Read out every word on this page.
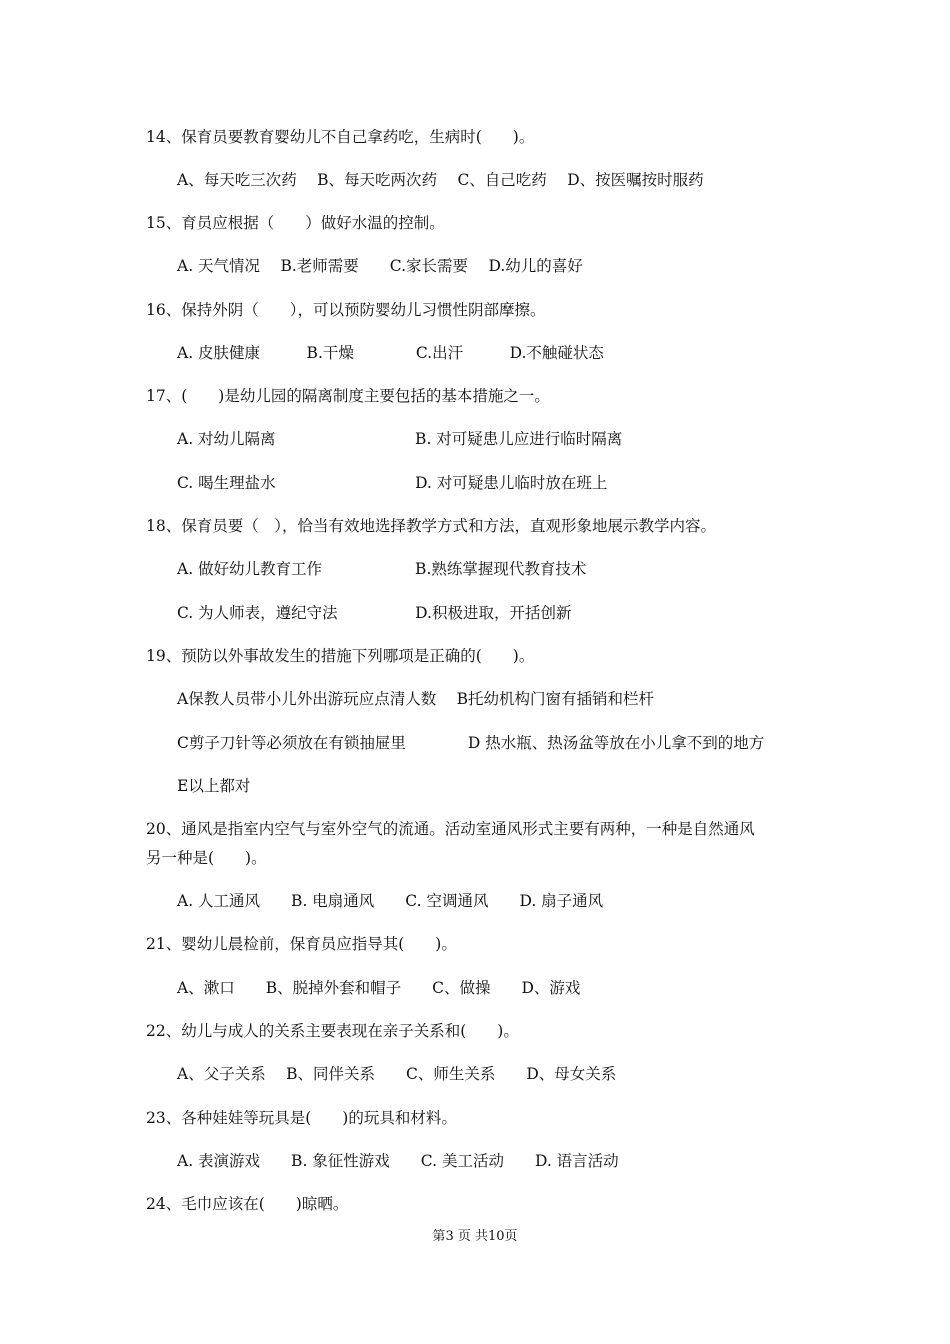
14、保育员要教育婴幼儿不自己拿药吃，生病时(　　)。
A、每天吃三次药　 B、每天吃两次药　 C、自己吃药　 D、按医嘱按时服药
15、育员应根据（　　）做好水温的控制。
A. 天气情况　 B.老师需要　　C.家长需要　 D.幼儿的喜好
16、保持外阴（　　），可以预防婴幼儿习惯性阴部摩擦。
A. 皮肤健康　　　B.干燥　　　　C.出汗　　　D.不触碰状态
17、(　　)是幼儿园的隔离制度主要包括的基本措施之一。
A. 对幼儿隔离　　　　　　　　　B. 对可疑患儿应进行临时隔离
C. 喝生理盐水　　　　　　　　　D. 对可疑患儿临时放在班上
18、保育员要（　），恰当有效地选择教学方式和方法，直观形象地展示教学内容。
A. 做好幼儿教育工作　　　　　　B.熟练掌握现代教育技术
C. 为人师表，遵纪守法　　　　　D.积极进取，开括创新
19、预防以外事故发生的措施下列哪项是正确的(　　)。
A保教人员带小儿外出游玩应点清人数　 B托幼机构门窗有插销和栏杆
C剪子刀针等必须放在有锁抽屉里　　　　D 热水瓶、热汤盆等放在小儿拿不到的地方
E以上都对
20、通风是指室内空气与室外空气的流通。活动室通风形式主要有两种，一种是自然通风
另一种是(　　)。
A. 人工通风　　B. 电扇通风　　C. 空调通风　　D. 扇子通风
21、婴幼儿晨检前，保育员应指导其(　　)。
A、漱口　　B、脱掉外套和帽子　　C、做操　　D、游戏
22、幼儿与成人的关系主要表现在亲子关系和(　　)。
A、父子关系　 B、同伴关系　　C、师生关系　　D、母女关系
23、各种娃娃等玩具是(　　)的玩具和材料。
A. 表演游戏　　B. 象征性游戏　　C. 美工活动　　D. 语言活动
24、毛巾应该在(　　)晾晒。
第3 页 共10页
